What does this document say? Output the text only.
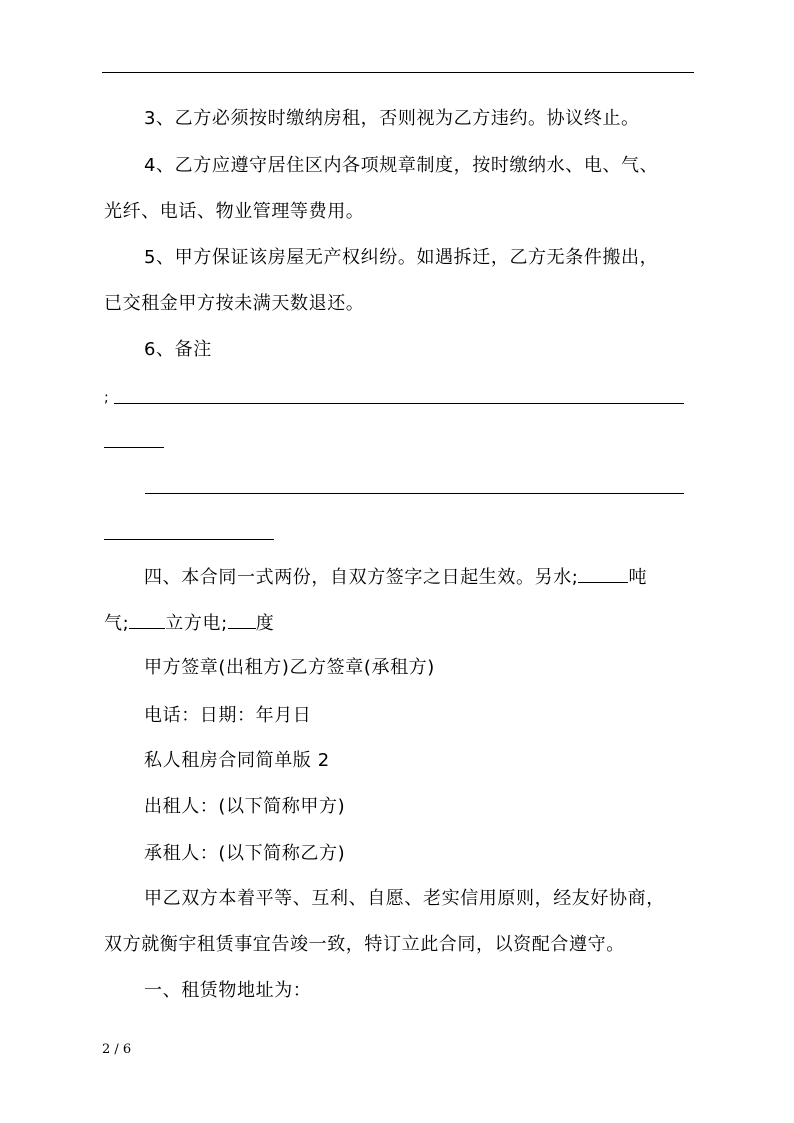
3、乙方必须按时缴纳房租，否则视为乙方违约。协议终止。
4、乙方应遵守居住区内各项规章制度，按时缴纳水、电、气、
光纤、电话、物业管理等费用。
5、甲方保证该房屋无产权纠纷。如遇拆迁，乙方无条件搬出，
已交租金甲方按未满天数退还。
6、备注
;
四、本合同一式两份，自双方签字之日起生效。另水;	吨
气; 立方电; 度
甲方签章(出租方)乙方签章(承租方)
电话：日期：年月日
私人租房合同简单版 2
出租人：(以下简称甲方)
承租人：(以下简称乙方)
甲乙双方本着平等、互利、自愿、老实信用原则，经友好协商，
双方就衡宇租赁事宜告竣一致，特订立此合同，以资配合遵守。
一、租赁物地址为：
2 / 6
